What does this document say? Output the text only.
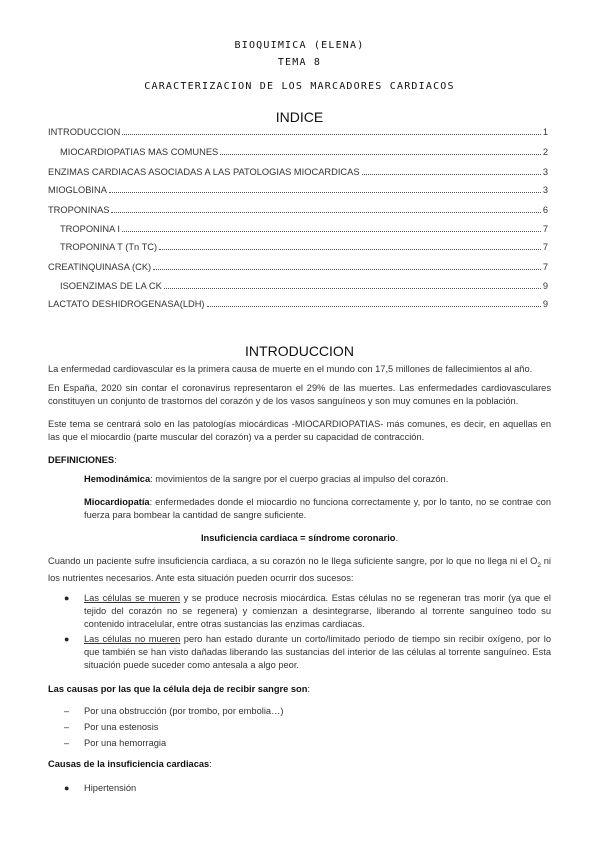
BIOQUIMICA (ELENA)
TEMA 8
CARACTERIZACION DE LOS MARCADORES CARDIACOS
INDICE
INTRODUCCION	1
MIOCARDIOPATIAS MAS COMUNES	2
ENZIMAS CARDIACAS ASOCIADAS A LAS PATOLOGIAS MIOCARDICAS	3
MIOGLOBINA	3
TROPONINAS	6
TROPONINA I	7
TROPONINA T (Tn TC)	7
CREATINQUINASA (CK)	7
ISOENZIMAS DE LA CK	9
LACTATO DESHIDROGENASA(LDH)	9
INTRODUCCION

La enfermedad cardiovascular es la primera causa de muerte en el mundo con 17,5 millones de fallecimientos al año.

En España, 2020 sin contar el coronavirus representaron el 29% de las muertes. Las enfermedades cardiovasculares constituyen un conjunto de trastornos del corazón y de los vasos sanguíneos y son muy comunes en la población.

Este tema se centrará solo en las patologías miocárdicas -MIOCARDIOPATIAS- más comunes, es decir, en aquellas en las que el miocardio (parte muscular del corazón) va a perder su capacidad de contracción.

DEFINICIONES:

Hemodinámica: movimientos de la sangre por el cuerpo gracias al impulso del corazón.

Miocardiopatía: enfermedades donde el miocardio no funciona correctamente y, por lo tanto, no se contrae con fuerza para bombear la cantidad de sangre suficiente.

Insuficiencia cardiaca = síndrome coronario.

Cuando un paciente sufre insuficiencia cardiaca, a su corazón no le llega suficiente sangre, por lo que no llega ni el $O_2$ ni los nutrientes necesarios. Ante esta situación pueden ocurrir dos sucesos:

● Las células se mueren y se produce necrosis miocárdica. Estas células no se regeneran tras morir (ya que el tejido del corazón no se regenera) y comienzan a desintegrarse, liberando al torrente sanguíneo todo su contenido intracelular, entre otras sustancias las enzimas cardiacas.
● Las células no mueren pero han estado durante un corto/limitado periodo de tiempo sin recibir oxígeno, por lo que también se han visto dañadas liberando las sustancias del interior de las células al torrente sanguíneo. Esta situación puede suceder como antesala a algo peor.

Las causas por las que la célula deja de recibir sangre son:

– Por una obstrucción (por trombo, por embolia…)
– Por una estenosis
– Por una hemorragia

Causas de la insuficiencia cardiacas:

● Hipertensión
